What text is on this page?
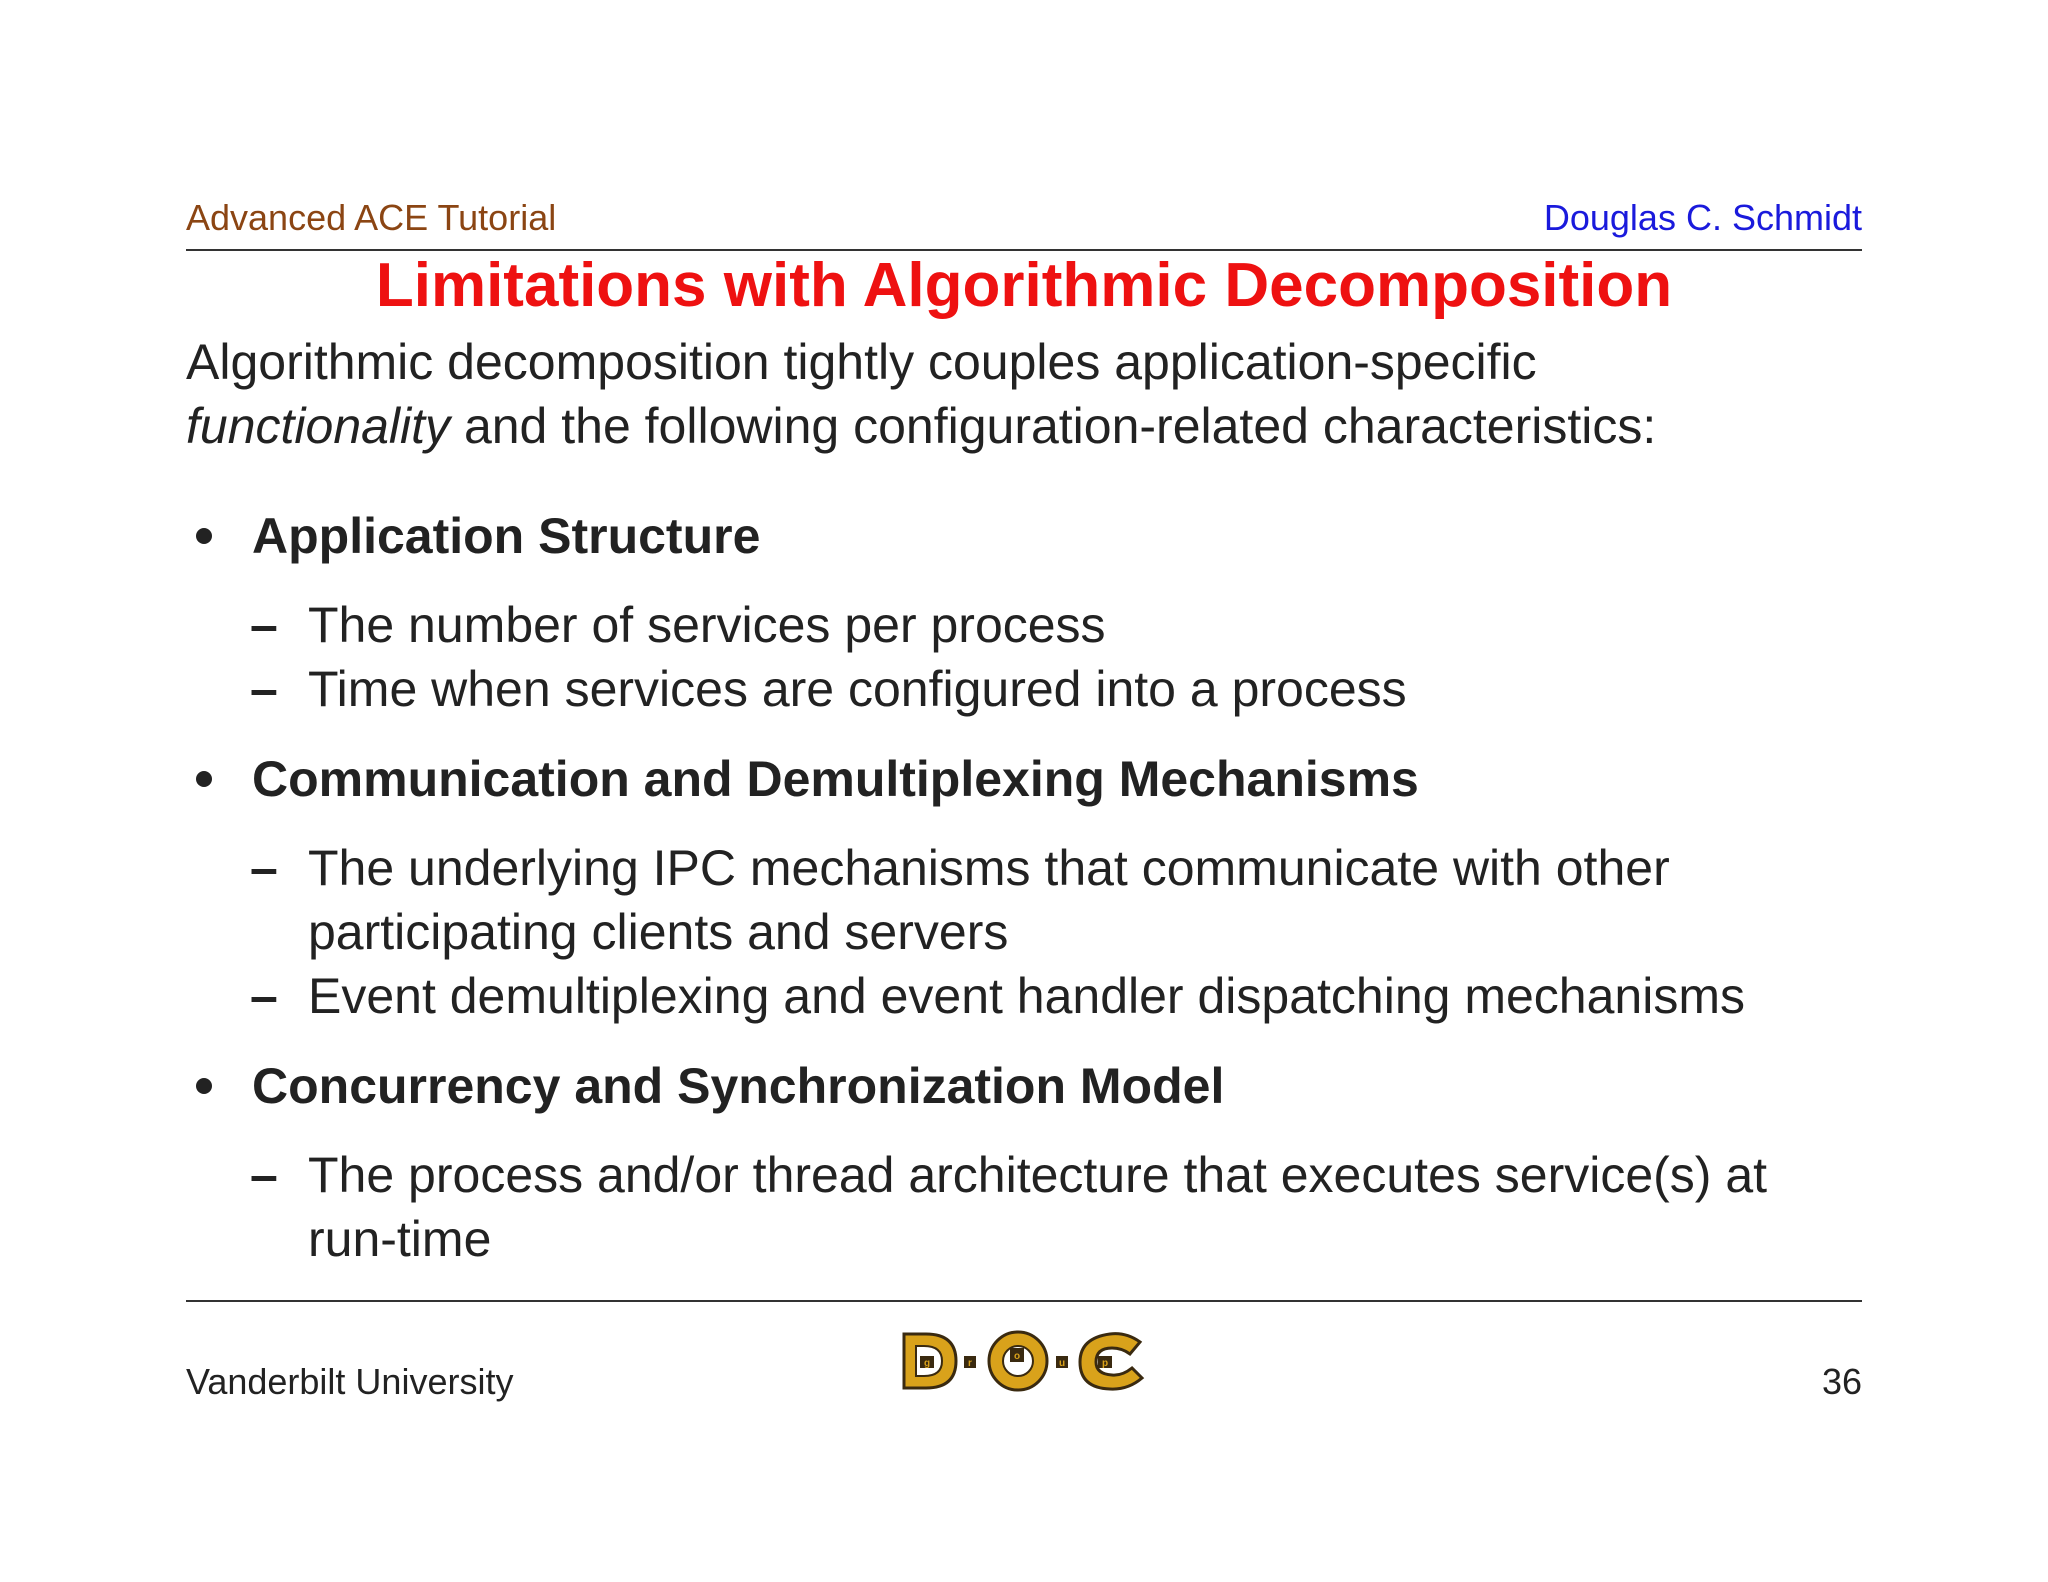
Advanced ACE Tutorial	Douglas C. Schmidt
Limitations with Algorithmic Decomposition
Algorithmic decomposition tightly couples application-specific
functionality and the following configuration-related characteristics:
Application Structure
– The number of services per process
– Time when services are configured into a process
Communication and Demultiplexing Mechanisms
– The underlying IPC mechanisms that communicate with other participating clients and servers
– Event demultiplexing and event handler dispatching mechanisms
Concurrency and Synchronization Model
– The process and/or thread architecture that executes service(s) at run-time
Vanderbilt University	g	r
o
u	p	36
